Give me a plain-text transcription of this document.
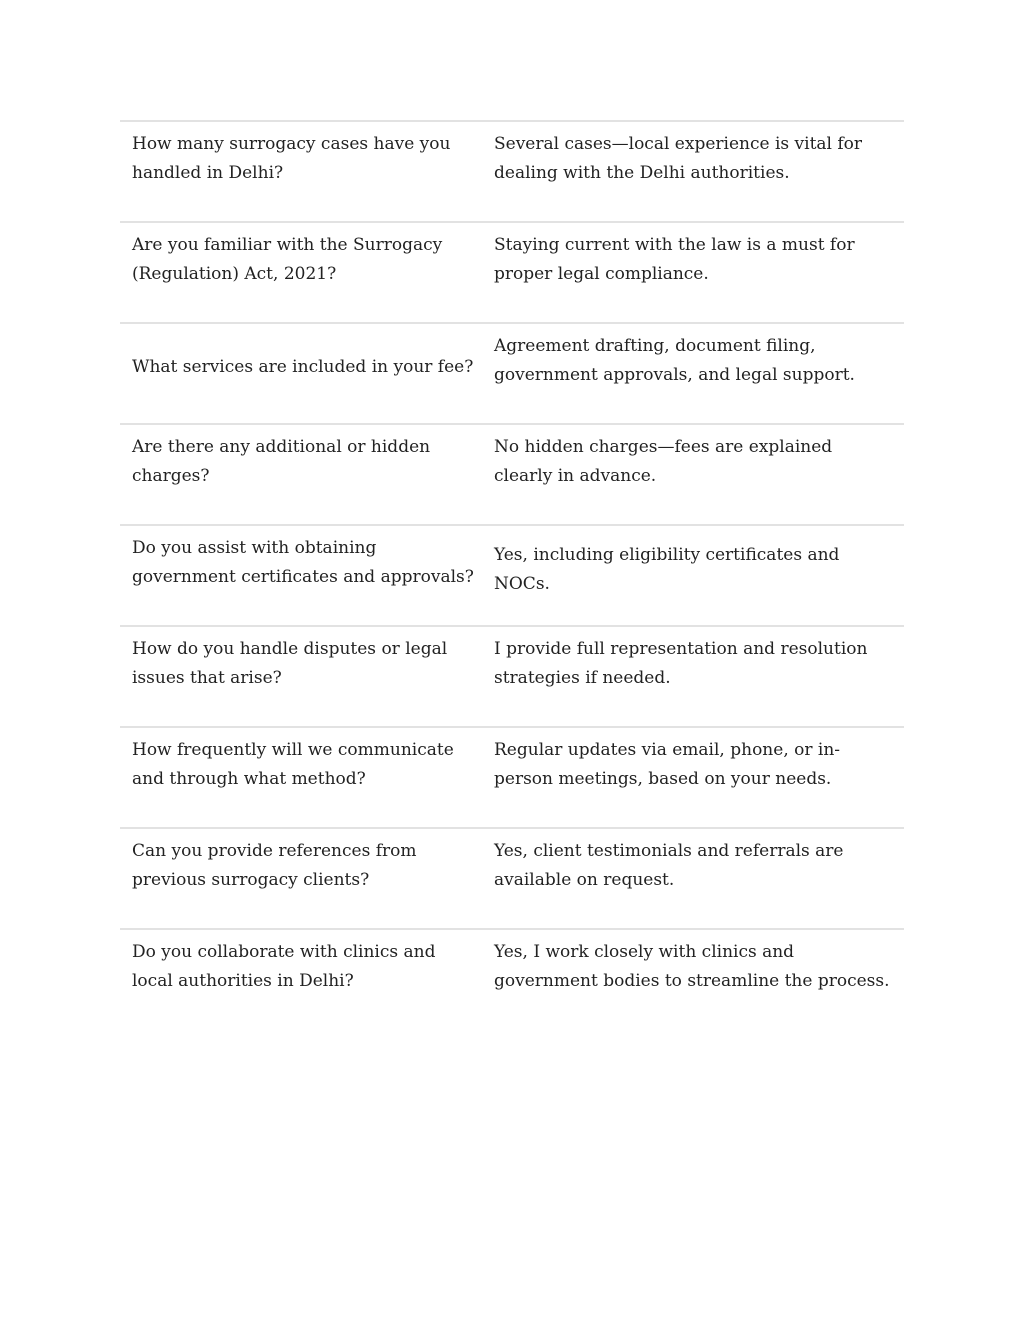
How many surrogacy cases have you handled in Delhi?
Several cases—local experience is vital for dealing with the Delhi authorities.
Are you familiar with the Surrogacy (Regulation) Act, 2021?
Staying current with the law is a must for proper legal compliance.
What services are included in your fee?
Agreement drafting, document filing, government approvals, and legal support.
Are there any additional or hidden charges?
No hidden charges—fees are explained clearly in advance.
Do you assist with obtaining government certificates and approvals?
Yes, including eligibility certificates and NOCs.
How do you handle disputes or legal issues that arise?
I provide full representation and resolution strategies if needed.
How frequently will we communicate and through what method?
Regular updates via email, phone, or in-person meetings, based on your needs.
Can you provide references from previous surrogacy clients?
Yes, client testimonials and referrals are available on request.
Do you collaborate with clinics and local authorities in Delhi?
Yes, I work closely with clinics and government bodies to streamline the process.
